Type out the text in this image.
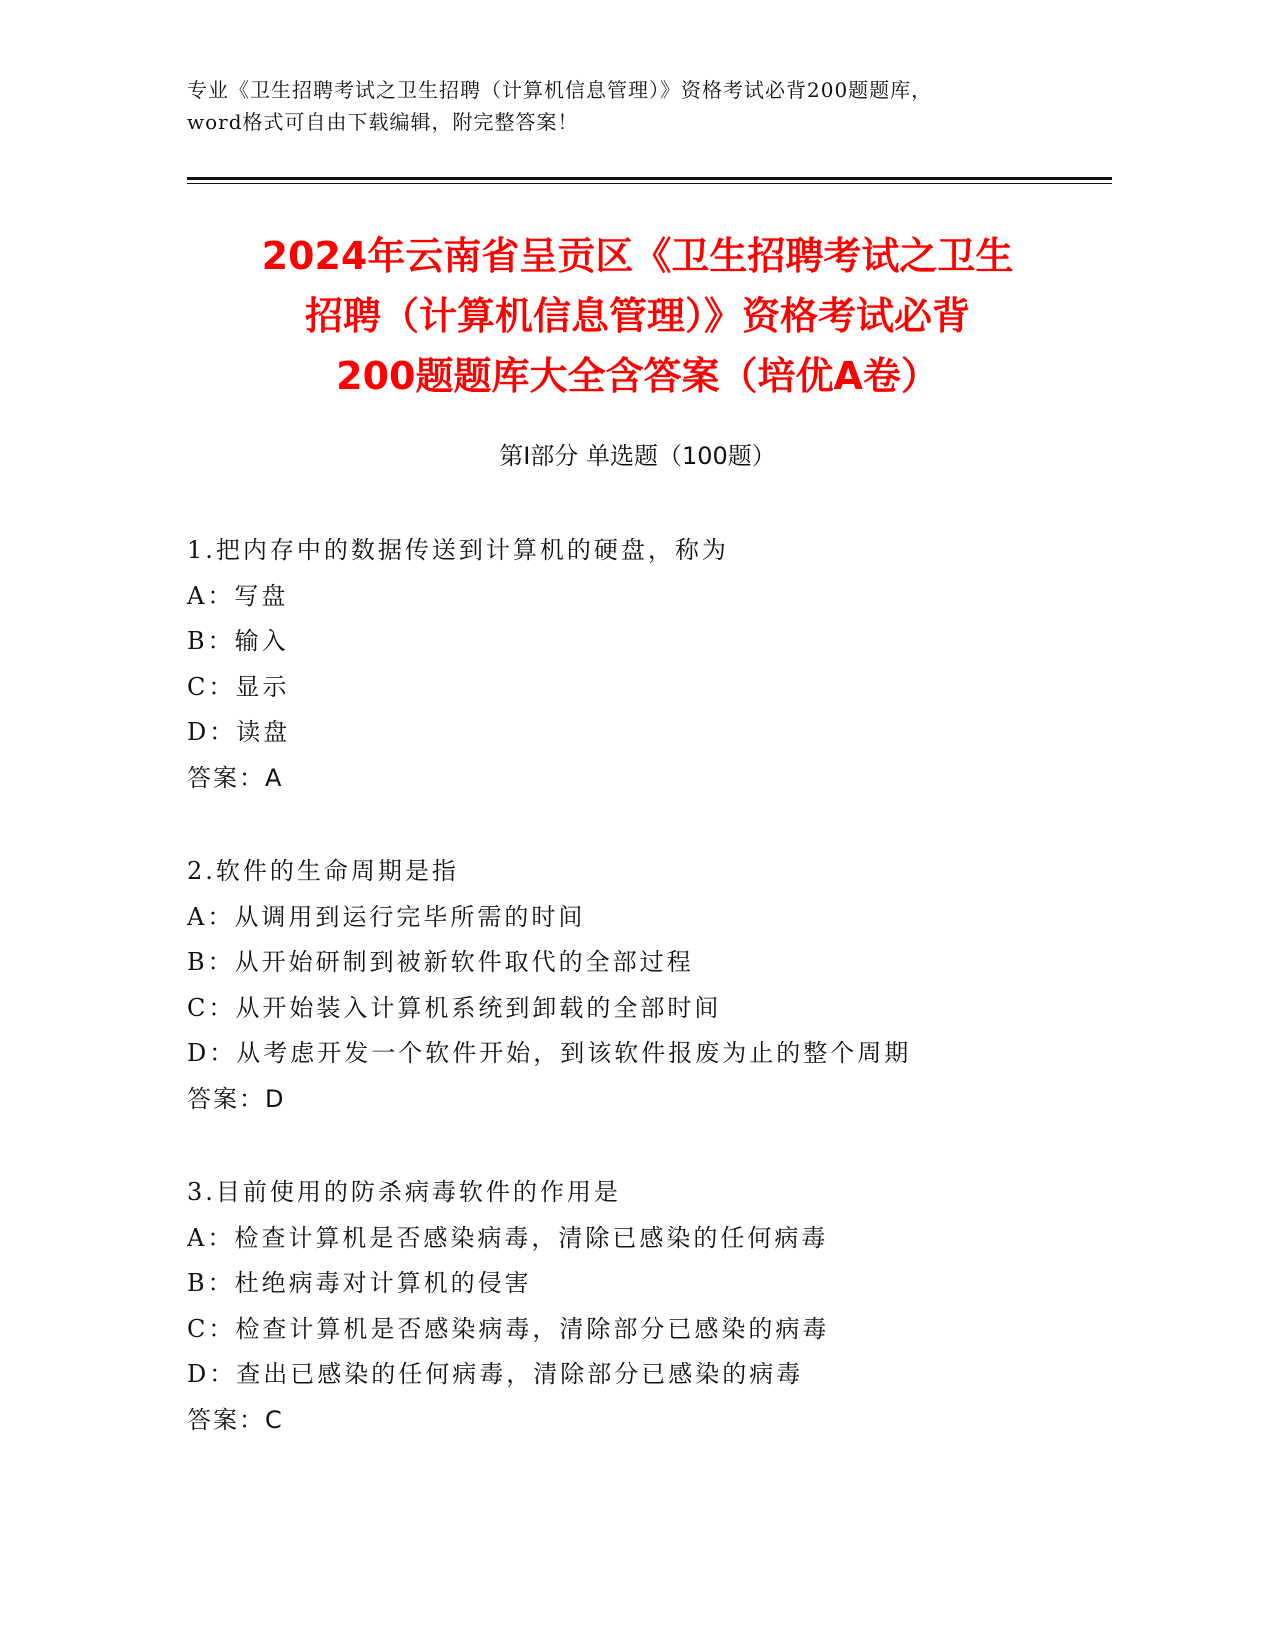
专业《卫生招聘考试之卫生招聘（计算机信息管理）》资格考试必背200题题库，
word格式可自由下载编辑，附完整答案！
2024年云南省呈贡区《卫生招聘考试之卫生
招聘（计算机信息管理）》资格考试必背
200题题库大全含答案（培优A卷）
第Ⅰ部分 单选题（100题）
1.把内存中的数据传送到计算机的硬盘，称为
A：写盘
B：输入
C：显示
D：读盘
答案：A
2.软件的生命周期是指
A：从调用到运行完毕所需的时间
B：从开始研制到被新软件取代的全部过程
C：从开始装入计算机系统到卸载的全部时间
D：从考虑开发一个软件开始，到该软件报废为止的整个周期
答案：D
3.目前使用的防杀病毒软件的作用是
A：检查计算机是否感染病毒，清除已感染的任何病毒
B：杜绝病毒对计算机的侵害
C：检查计算机是否感染病毒，清除部分已感染的病毒
D：查出已感染的任何病毒，清除部分已感染的病毒
答案：C
